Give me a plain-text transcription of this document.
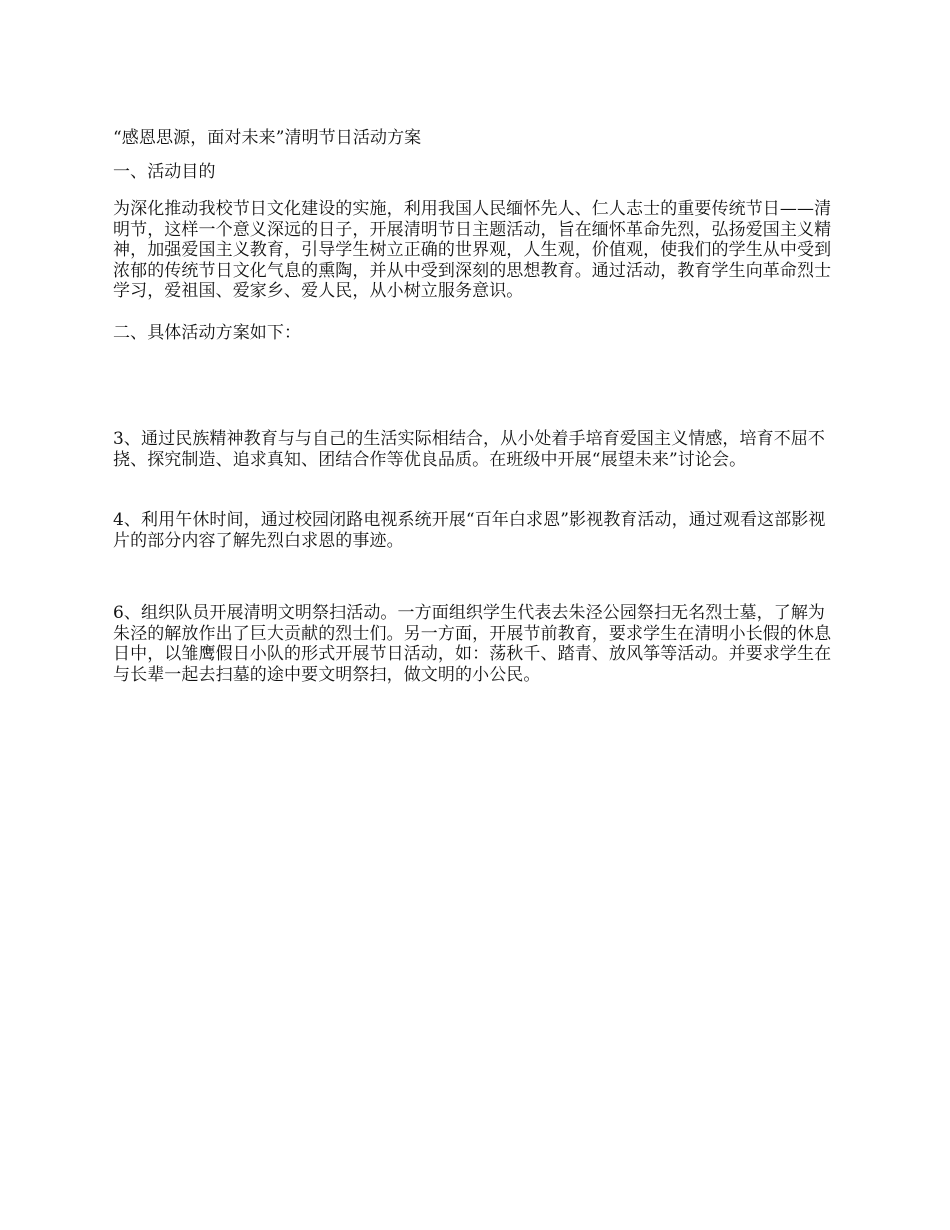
“感恩思源，面对未来”清明节日活动方案

一、活动目的

为深化推动我校节日文化建设的实施，利用我国人民缅怀先人、仁人志士的重要传统节日——清明节，这样一个意义深远的日子，开展清明节日主题活动，旨在缅怀革命先烈，弘扬爱国主义精神，加强爱国主义教育，引导学生树立正确的世界观，人生观，价值观，使我们的学生从中受到浓郁的传统节日文化气息的熏陶，并从中受到深刻的思想教育。通过活动，教育学生向革命烈士学习，爱祖国、爱家乡、爱人民，从小树立服务意识。

二、具体活动方案如下：

3、通过民族精神教育与与自己的生活实际相结合，从小处着手培育爱国主义情感，培育不屈不挠、探究制造、追求真知、团结合作等优良品质。在班级中开展“展望未来”讨论会。

4、利用午休时间，通过校园闭路电视系统开展“百年白求恩”影视教育活动，通过观看这部影视片的部分内容了解先烈白求恩的事迹。

6、组织队员开展清明文明祭扫活动。一方面组织学生代表去朱泾公园祭扫无名烈士墓，了解为朱泾的解放作出了巨大贡献的烈士们。另一方面，开展节前教育，要求学生在清明小长假的休息日中，以雏鹰假日小队的形式开展节日活动，如：荡秋千、踏青、放风筝等活动。并要求学生在与长辈一起去扫墓的途中要文明祭扫，做文明的小公民。
